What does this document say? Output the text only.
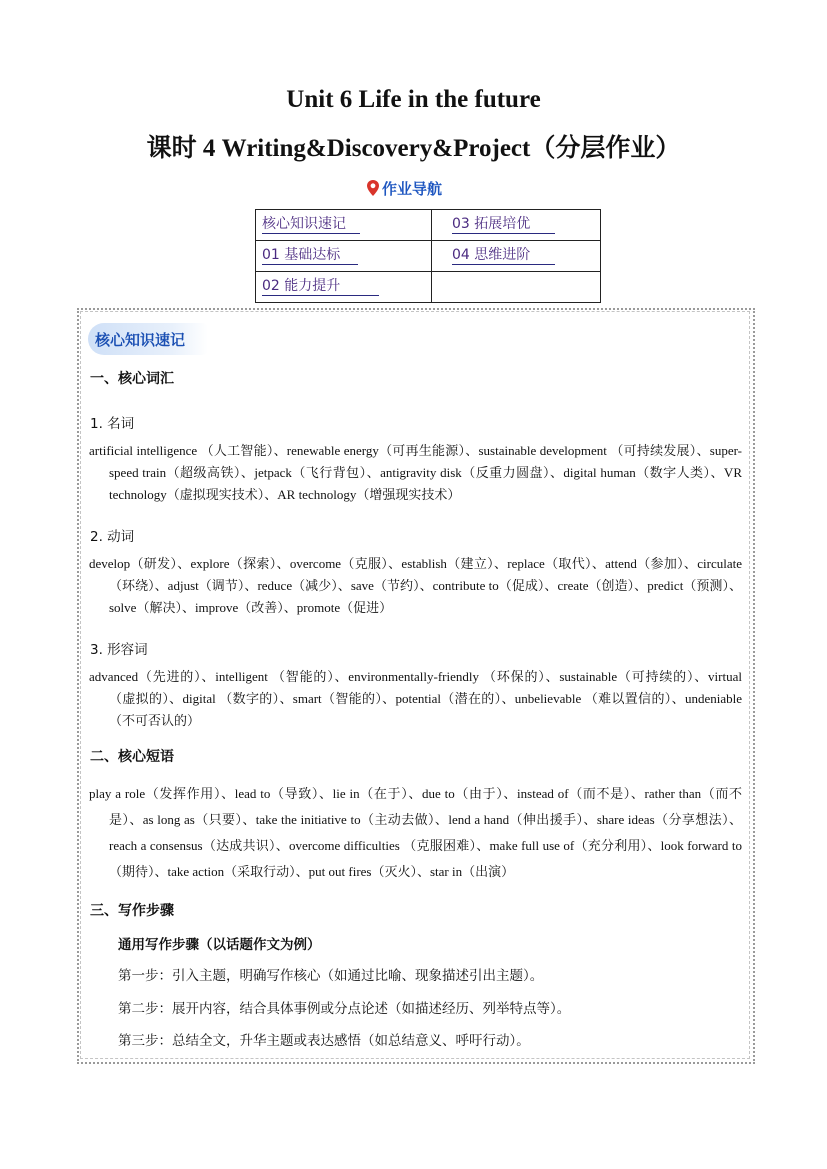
Unit 6 Life in the future
课时 4 Writing&Discovery&Project（分层作业）
作业导航
核心知识速记	03 拓展培优
01 基础达标	04 思维进阶
02 能力提升	
核心知识速记
一、核心词汇
1. 名词
artificial intelligence （人工智能）、renewable energy（可再生能源）、sustainable development （可持续发展）、super-speed train（超级高铁）、jetpack（飞行背包）、antigravity disk（反重力圆盘）、digital human（数字人类）、VR technology（虚拟现实技术）、AR technology（增强现实技术）
2. 动词
develop（研发）、explore（探索）、overcome（克服）、establish（建立）、replace（取代）、attend（参加）、circulate（环绕）、adjust（调节）、reduce（减少）、save（节约）、contribute to（促成）、create（创造）、predict（预测）、solve（解决）、improve（改善）、promote（促进）
3. 形容词
advanced（先进的）、intelligent （智能的）、environmentally-friendly （环保的）、sustainable（可持续的）、virtual（虚拟的）、digital （数字的）、smart（智能的）、potential（潜在的）、unbelievable （难以置信的）、undeniable（不可否认的）
二、核心短语
play a role（发挥作用）、lead to（导致）、lie in（在于）、due to（由于）、instead of（而不是）、rather than（而不是）、as long as（只要）、take the initiative to（主动去做）、lend a hand（伸出援手）、share ideas（分享想法）、reach a consensus（达成共识）、overcome difficulties （克服困难）、make full use of（充分利用）、look forward to（期待）、take action（采取行动）、put out fires（灭火）、star in（出演）
三、写作步骤
通用写作步骤（以话题作文为例）
第一步：引入主题，明确写作核心（如通过比喻、现象描述引出主题）。
第二步：展开内容，结合具体事例或分点论述（如描述经历、列举特点等）。
第三步：总结全文，升华主题或表达感悟（如总结意义、呼吁行动）。
